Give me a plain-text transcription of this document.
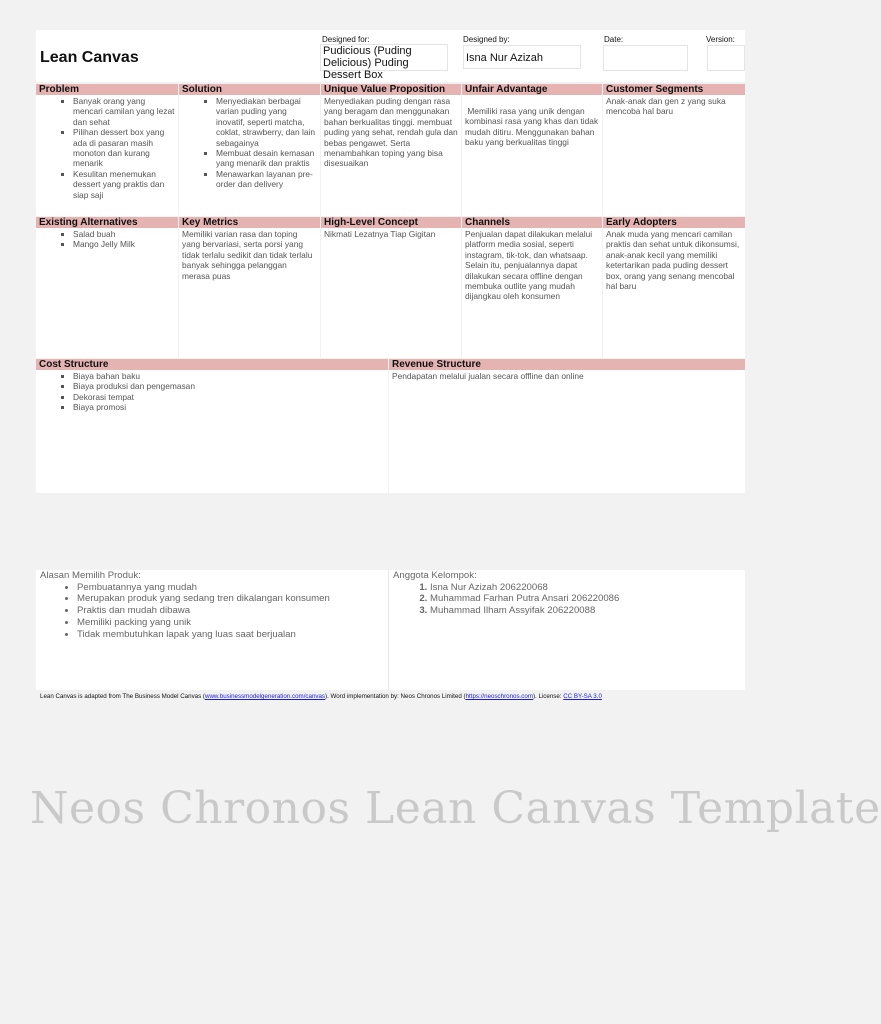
Lean Canvas
Designed for:
Pudicious (Puding Delicious) Puding Dessert Box
Designed by:
Isna Nur Azizah
Date:	Version:
Problem
▪ Banyak orang yang mencari camilan yang lezat dan sehat
▪ Pilihan dessert box yang ada di pasaran masih monoton dan kurang menarik
▪ Kesulitan menemukan dessert yang praktis dan siap saji
Solution
▪ Menyediakan berbagai varian puding yang inovatif, seperti matcha, coklat, strawberry, dan lain sebagainya
▪ Membuat desain kemasan yang menarik dan praktis
▪ Menawarkan layanan pre-order dan delivery
Unique Value Proposition
Menyediakan puding dengan rasa yang beragam dan menggunakan bahan berkualitas tinggi. membuat puding yang sehat, rendah gula dan bebas pengawet. Serta menambahkan toping yang bisa disesuaikan
Unfair Advantage
Memiliki rasa yang unik dengan kombinasi rasa yang khas dan tidak mudah ditiru. Menggunakan bahan baku yang berkualitas tinggi
Customer Segments
Anak-anak dan gen z yang suka mencoba hal baru
Existing Alternatives
▪ Salad buah
▪ Mango Jelly Milk
Key Metrics
Memiliki varian rasa dan toping yang bervariasi, serta porsi yang tidak terlalu sedikit dan tidak terlalu banyak sehingga pelanggan merasa puas
High-Level Concept
Nikmati Lezatnya Tiap Gigitan
Channels
Penjualan dapat dilakukan melalui platform media sosial, seperti instagram, tik-tok, dan whatsaap. Selain itu, penjualannya dapat dilakukan secara offline dengan membuka outlite yang mudah dijangkau oleh konsumen
Early Adopters
Anak muda yang mencari camilan praktis dan sehat untuk dikonsumsi, anak-anak kecil yang memiliki ketertarikan pada puding dessert box, orang yang senang mencobal hal baru
Cost Structure
▪ Biaya bahan baku
▪ Biaya produksi dan pengemasan
▪ Dekorasi tempat
▪ Biaya promosi
Revenue Structure
Pendapatan melalui jualan secara offline dan online
Alasan Memilih Produk:
• Pembuatannya yang mudah
• Merupakan produk yang sedang tren dikalangan konsumen
• Praktis dan mudah dibawa
• Memiliki packing yang unik
• Tidak membutuhkan lapak yang luas saat berjualan
Anggota Kelompok:
1. Isna Nur Azizah 206220068
2. Muhammad Farhan Putra Ansari 206220086
3. Muhammad Ilham Assyifak 206220088
Lean Canvas is adapted from The Business Model Canvas (www.businessmodelgeneration.com/canvas). Word implementation by: Neos Chronos Limited (https://neoschronos.com). License: CC BY-SA 3.0
Neos Chronos Lean Canvas Template
